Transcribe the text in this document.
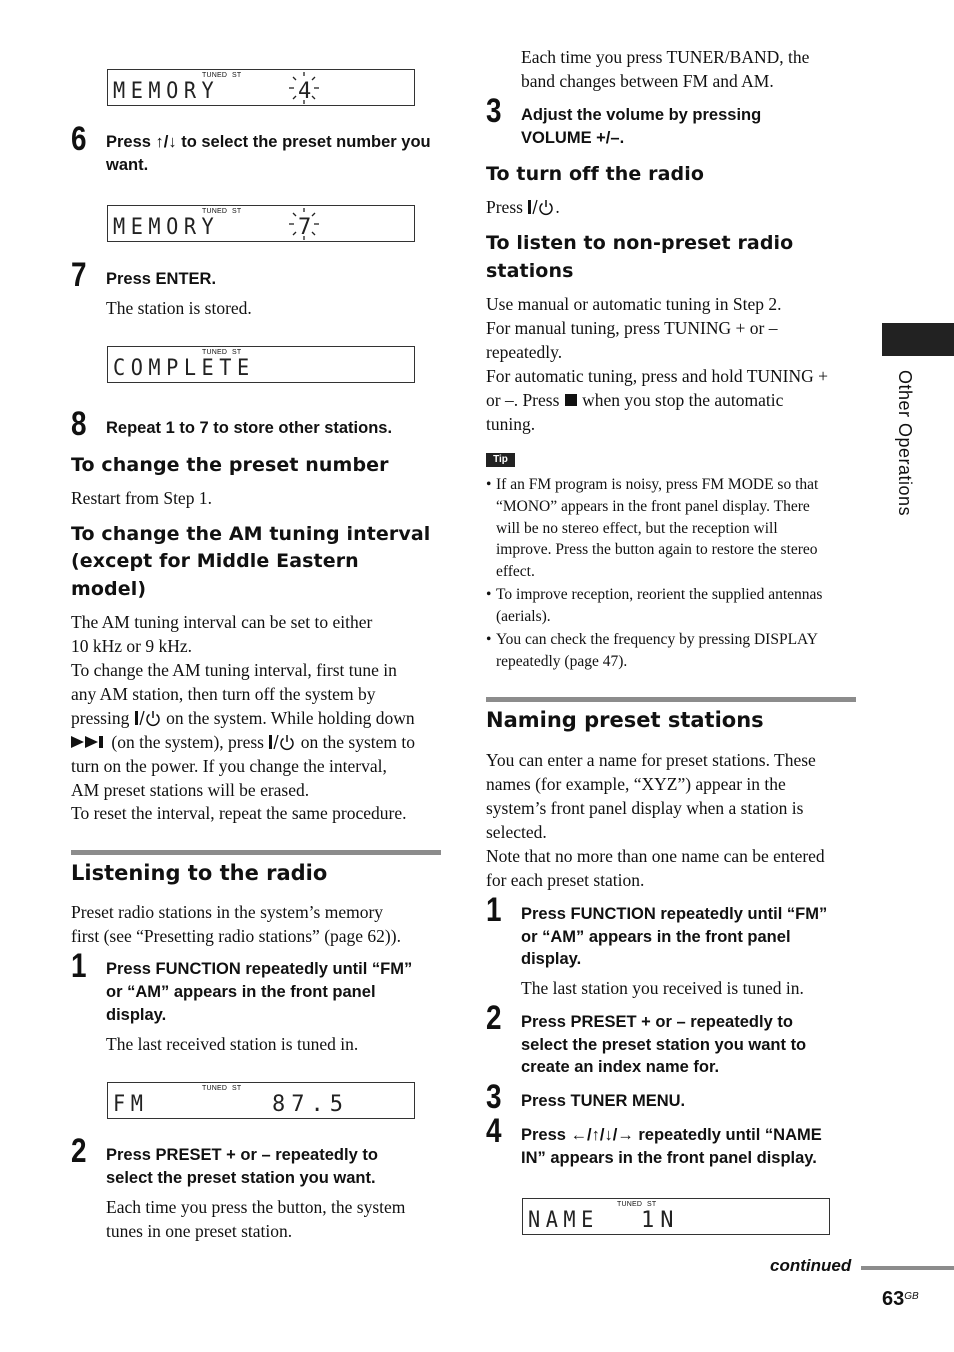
TUNED ST
MEMORY	4
6 Press ↑/↓ to select the preset number you want.
TUNED ST
MEMORY	7
7 Press ENTER.
The station is stored.
TUNED ST
COMPLETE
8 Repeat 1 to 7 to store other stations.
To change the preset number
Restart from Step 1.
To change the AM tuning interval
(except for Middle Eastern
model)
The AM tuning interval can be set to either
10 kHz or 9 kHz.
To change the AM tuning interval, first tune in
any AM station, then turn off the system by
pressing  on the system. While holding down
(on the system), press  on the system to
turn on the power. If you change the interval,
AM preset stations will be erased.
To reset the interval, repeat the same procedure.
Listening to the radio
Preset radio stations in the system’s memory
first (see “Presetting radio stations” (page 62)).
1 Press FUNCTION repeatedly until “FM”
or “AM” appears in the front panel
display.
The last received station is tuned in.
TUNED ST
FM	87.5
2 Press PRESET + or – repeatedly to
select the preset station you want.
Each time you press the button, the system
tunes in one preset station.
Each time you press TUNER/BAND, the
band changes between FM and AM.
3 Adjust the volume by pressing
VOLUME +/–.
To turn off the radio
Press .
To listen to non-preset radio
stations
Use manual or automatic tuning in Step 2.
For manual tuning, press TUNING + or –
repeatedly.
For automatic tuning, press and hold TUNING +
or –. Press  when you stop the automatic
tuning.
Tip
• If an FM program is noisy, press FM MODE so that
“MONO” appears in the front panel display. There
will be no stereo effect, but the reception will
improve. Press the button again to restore the stereo
effect.
• To improve reception, reorient the supplied antennas
(aerials).
• You can check the frequency by pressing DISPLAY
repeatedly (page 47).
Naming preset stations
You can enter a name for preset stations. These
names (for example, “XYZ”) appear in the
system’s front panel display when a station is
selected.
Note that no more than one name can be entered
for each preset station.
1 Press FUNCTION repeatedly until “FM”
or “AM” appears in the front panel
display.
The last station you received is tuned in.
2 Press PRESET + or – repeatedly to
select the preset station you want to
create an index name for.
3 Press TUNER MENU.
4 Press ←/↑/↓/→ repeatedly until “NAME
IN” appears in the front panel display.
TUNED ST
NAME 1N
Other Operations
continued
$63^{GB}$
